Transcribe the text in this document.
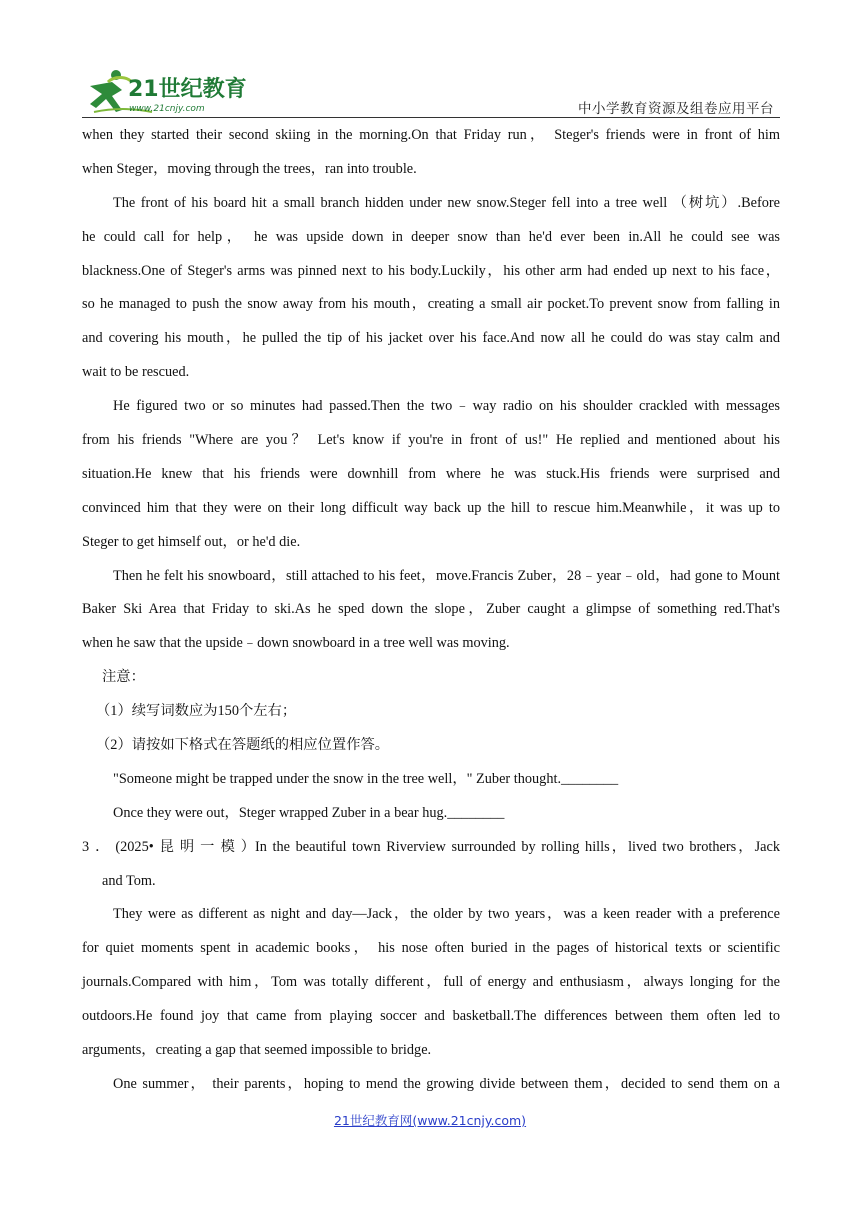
21世纪教育
www.21cnjy.com	中小学教育资源及组卷应用平台
when they started their second skiing in the morning.On that Friday run， Steger's friends were in front of him
when Steger，moving through the trees，ran into trouble.
The front of his board hit a small branch hidden under new snow.Steger fell into a tree well （树坑）.Before
he could call for help， he was upside down in deeper snow than he'd ever been in.All he could see was
blackness.One of Steger's arms was pinned next to his body.Luckily，his other arm had ended up next to his face，
so he managed to push the snow away from his mouth，creating a small air pocket.To prevent snow from falling in
and covering his mouth，he pulled the tip of his jacket over his face.And now all he could do was stay calm and
wait to be rescued.
He figured two or so minutes had passed.Then the two﹣way radio on his shoulder crackled with messages
from his friends "Where are you？ Let's know if you're in front of us!" He replied and mentioned about his
situation.He knew that his friends were downhill from where he was stuck.His friends were surprised and
convinced him that they were on their long difficult way back up the hill to rescue him.Meanwhile，it was up to
Steger to get himself out，or he'd die.
Then he felt his snowboard，still attached to his feet，move.Francis Zuber，28﹣year﹣old，had gone to Mount
Baker Ski Area that Friday to ski.As he sped down the slope，Zuber caught a glimpse of something red.That's
when he saw that the upside﹣down snowboard in a tree well was moving.
注意：
（1）续写词数应为150个左右；
（2）请按如下格式在答题纸的相应位置作答。
"Someone might be trapped under the snow in the tree well，" Zuber thought.________
Once they were out，Steger wrapped Zuber in a bear hug.________
3．(2025•昆明一模）In the beautiful town Riverview surrounded by rolling hills，lived two brothers，Jack
and Tom.
They were as different as night and day—Jack，the older by two years，was a keen reader with a preference
for quiet moments spent in academic books， his nose often buried in the pages of historical texts or scientific
journals.Compared with him，Tom was totally different，full of energy and enthusiasm，always longing for the
outdoors.He found joy that came from playing soccer and basketball.The differences between them often led to
arguments，creating a gap that seemed impossible to bridge.
One summer， their parents，hoping to mend the growing divide between them，decided to send them on a
21世纪教育网(www.21cnjy.com)
